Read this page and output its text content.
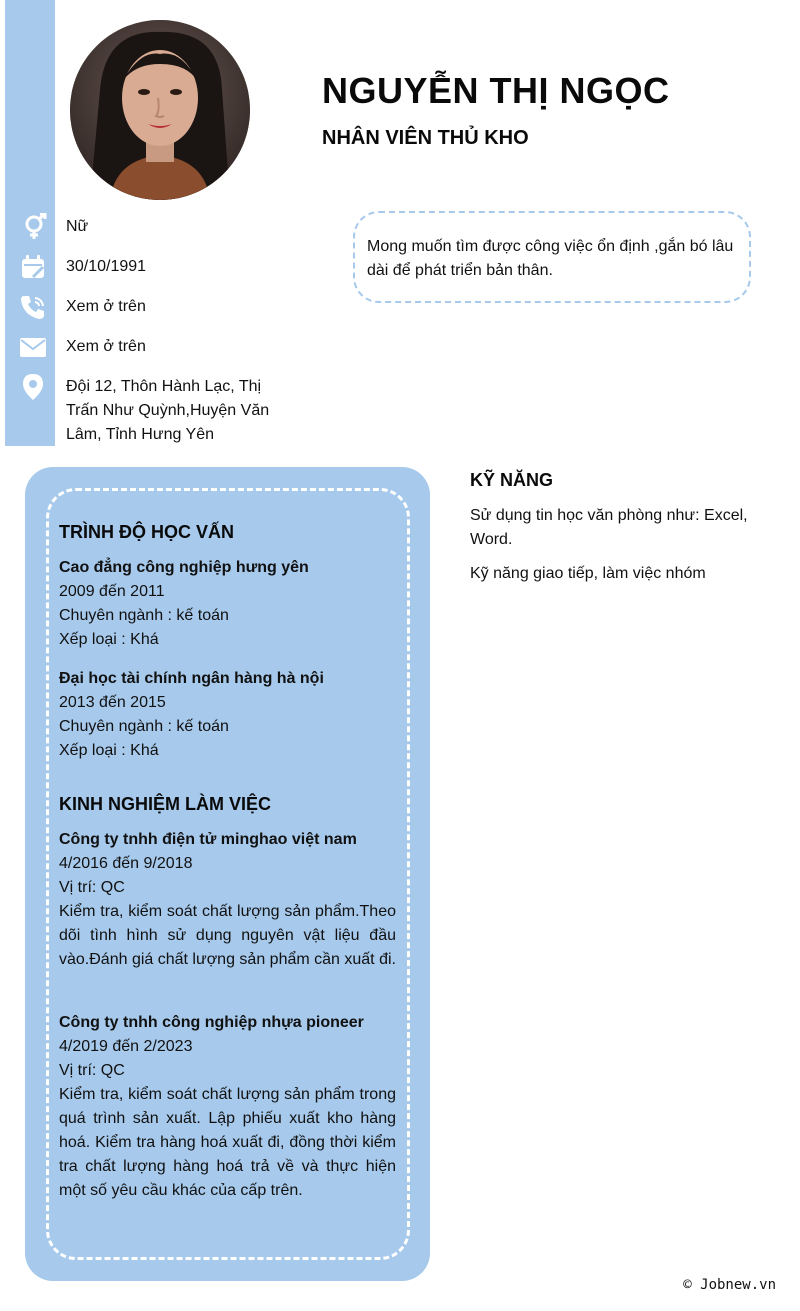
NGUYỄN THỊ NGỌC
NHÂN VIÊN THỦ KHO
Nữ
30/10/1991
Xem ở trên
Xem ở trên
Đội 12, Thôn Hành Lạc, Thị Trấn Như Quỳnh,Huyện Văn Lâm, Tỉnh Hưng Yên
Mong muốn tìm được công việc ổn định ,gắn bó lâu dài để phát triển bản thân.
TRÌNH ĐỘ HỌC VẤN
Cao đẳng công nghiệp hưng yên
2009 đến 2011
Chuyên ngành : kế toán
Xếp loại : Khá
Đại học tài chính ngân hàng hà nội
2013 đến 2015
Chuyên ngành : kế toán
Xếp loại : Khá
KINH NGHIỆM LÀM VIỆC
Công ty tnhh điện tử minghao việt nam
4/2016 đến 9/2018
Vị trí: QC
Kiểm tra, kiểm soát chất lượng sản phẩm.Theo dõi tình hình sử dụng nguyên vật liệu đầu vào.Đánh giá chất lượng sản phẩm cần xuất đi.
Công ty tnhh công nghiệp nhựa pioneer
4/2019 đến 2/2023
Vị trí: QC
Kiểm tra, kiểm soát chất lượng sản phẩm trong quá trình sản xuất. Lập phiếu xuất kho hàng hoá. Kiểm tra hàng hoá xuất đi, đồng thời kiểm tra chất lượng hàng hoá trả về và thực hiện một số yêu cầu khác của cấp trên.
KỸ NĂNG
Sử dụng tin học văn phòng như: Excel, Word.
Kỹ năng giao tiếp, làm việc nhóm
© Jobnew.vn
